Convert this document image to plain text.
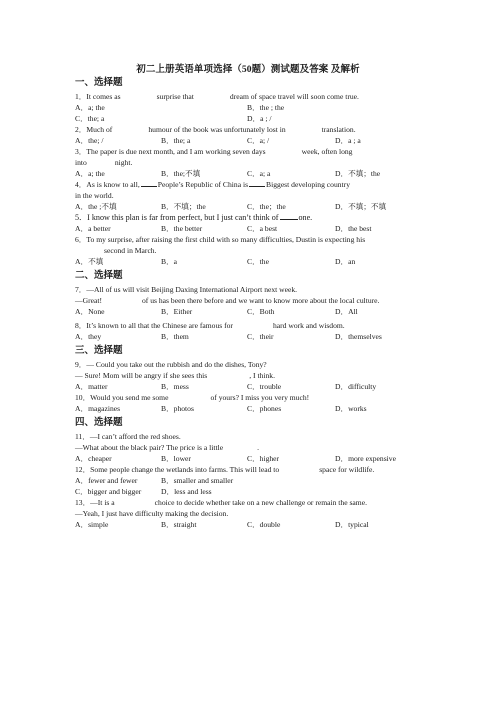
初二上册英语单项选择（50题）测试题及答案 及解析
一、选择题
1．It comes as	surprise that	dream of space travel will soon come true.
A．a; the	B．the ; the
C．the; a	D．a ; /
2．Much of	humour of the book was unfortunately lost in	translation.
A．the; /	B．the; a	C．a; /	D．a ; a
3．The paper is due next month, and I am working seven days	week, often long
into	night.
A．a; the	B．the;不填	C．a; a	D．不填；the
4．As is know to all, People’s Republic of China is Biggest developing country
in the world.
A．the ;不填	B．不填；the	C．the；the	D．不填；不填
5．I know this plan is far from perfect, but I just can’t think of one.
A．a better	B．the better	C．a best	D．the best
6．To my surprise, after raising the first child with so many difficulties, Dustin is expecting his
second in March.
A．不填	B．a	C．the	D．an
二、选择题
7．—All of us will visit Beijing Daxing International Airport next week.
—Great!	of us has been there before and we want to know more about the local culture.
A．None	B．Either	C．Both	D．All
8．It’s known to all that the Chinese are famous for	hard work and wisdom.
A．they	B．them	C．their	D．themselves
三、选择题
9．— Could you take out the rubbish and do the dishes, Tony?
— Sure! Mom will be angry if she sees this	, I think.
A．matter	B．mess	C．trouble	D．difficulty
10．Would you send me some	of yours? I miss you very much!
A．magazines	B．photos	C．phones	D．works
四、选择题
11．—I can’t afford the red shoes.
—What about the black pair? The price is a little	.
A．cheaper	B．lower	C．higher	D．more expensive
12．Some people change the wetlands into farms. This will lead to	space for wildlife.
A．fewer and fewer	B．smaller and smaller
C．bigger and bigger	D．less and less
13．—It is a	choice to decide whether take on a new challenge or remain the same.
—Yeah, I just have difficulty making the decision.
A．simple	B．straight	C．double	D．typical
